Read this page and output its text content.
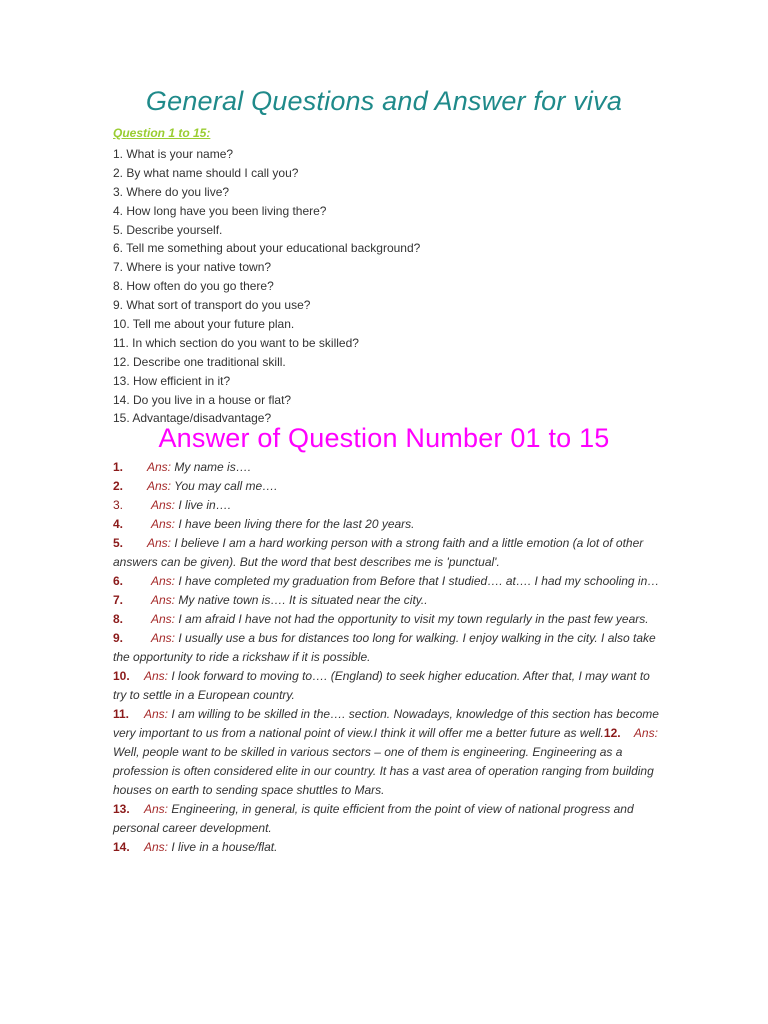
General Questions and Answer for viva
Question 1 to 15:
1. What is your name?
2. By what name should I call you?
3. Where do you live?
4. How long have you been living there?
5. Describe yourself.
6. Tell me something about your educational background?
7. Where is your native town?
8. How often do you go there?
9. What sort of transport do you use?
10. Tell me about your future plan.
11. In which section do you want to be skilled?
12. Describe one traditional skill.
13. How efficient in it?
14. Do you live in a house or flat?
15. Advantage/disadvantage?
Answer of Question Number 01 to 15
1. Ans: My name is….
2. Ans: You may call me….
3. Ans: I live in….
4. Ans: I have been living there for the last 20 years.
5. Ans: I believe I am a hard working person with a strong faith and a little emotion (a lot of other answers can be given). But the word that best describes me is 'punctual'.
6. Ans: I have completed my graduation from Before that I studied…. at…. I had my schooling in…
7. Ans: My native town is…. It is situated near the city..
8. Ans: I am afraid I have not had the opportunity to visit my town regularly in the past few years.
9. Ans: I usually use a bus for distances too long for walking. I enjoy walking in the city. I also take the opportunity to ride a rickshaw if it is possible.
10. Ans: I look forward to moving to…. (England) to seek higher education. After that, I may want to try to settle in a European country.
11. Ans: I am willing to be skilled in the…. section. Nowadays, knowledge of this section has become very important to us from a national point of view.I think it will offer me a better future as well.12. Ans: Well, people want to be skilled in various sectors – one of them is engineering. Engineering as a profession is often considered elite in our country. It has a vast area of operation ranging from building houses on earth to sending space shuttles to Mars.
13. Ans: Engineering, in general, is quite efficient from the point of view of national progress and personal career development.
14. Ans: I live in a house/flat.
